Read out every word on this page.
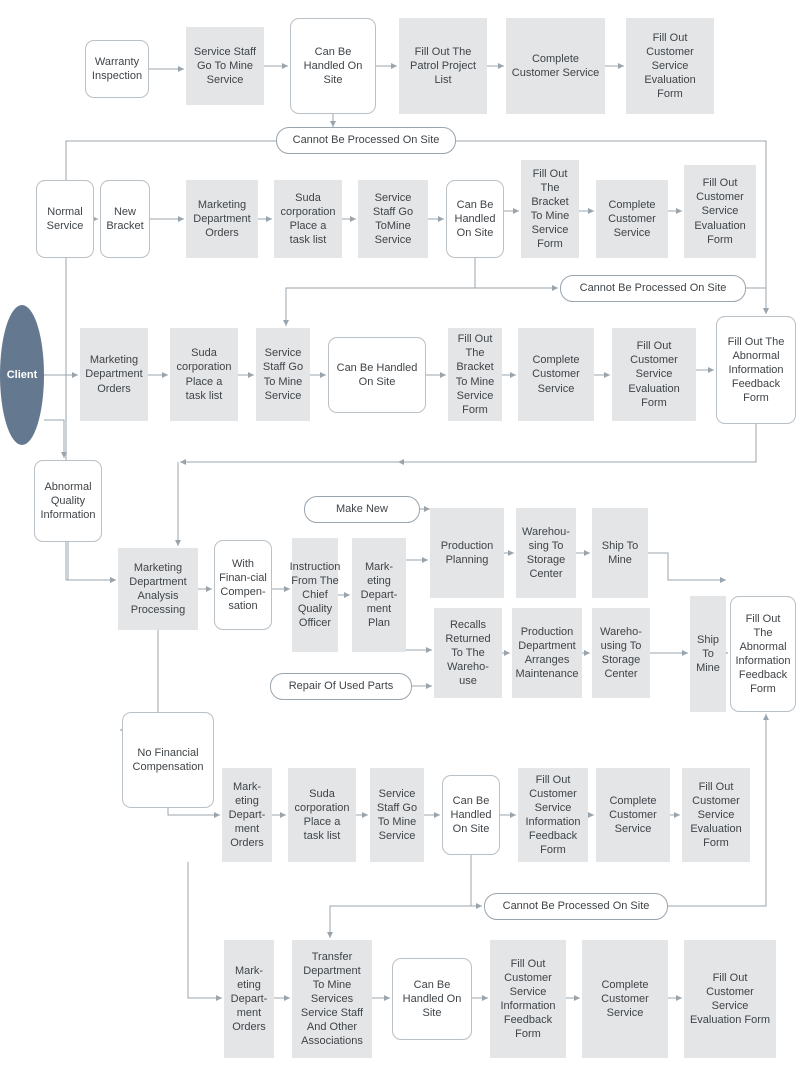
Client
Warranty Inspection
Service Staff Go To Mine Service
Can Be Handled On Site
Fill Out The Patrol Project List
Complete Customer Service
Fill Out Customer Service Evaluation Form
Cannot Be Processed On Site
Normal Service
New Bracket
Marketing Department Orders
Suda corporation Place a task list
Service Staff Go ToMine Service
Can Be Handled On Site
Fill Out The Bracket To Mine Service Form
Complete Customer Service
Fill Out Customer Service Evaluation Form
Cannot Be Processed On Site
Marketing Department Orders
Suda corporation Place a task list
Service Staff Go To Mine Service
Can Be Handled On Site
Fill Out The Bracket To Mine Service Form
Complete Customer Service
Fill Out Customer Service Evaluation Form
Fill Out The Abnormal Information Feedback Form
Abnormal Quality Information
Marketing Department Analysis Processing
With Finan-cial Compen-sation
Instruction From The Chief Quality Officer
Mark-eting Depart-ment Plan
Make New
Production Planning
Warehou-sing To Storage Center
Ship To Mine
Recalls Returned To The Wareho-use
Production Department Arranges Maintenance
Wareho-using To Storage Center
Ship To Mine
Fill Out The Abnormal Information Feedback Form
Repair Of Used Parts
No Financial Compensation
Mark-eting Depart-ment Orders
Suda corporation Place a task list
Service Staff Go To Mine Service
Can Be Handled On Site
Fill Out Customer Service Information Feedback Form
Complete Customer Service
Fill Out Customer Service Evaluation Form
Cannot Be Processed On Site
Mark-eting Depart-ment Orders
Transfer Department To Mine Services Service Staff And Other Associations
Can Be Handled On Site
Fill Out Customer Service Information Feedback Form
Complete Customer Service
Fill Out Customer Service Evaluation Form
